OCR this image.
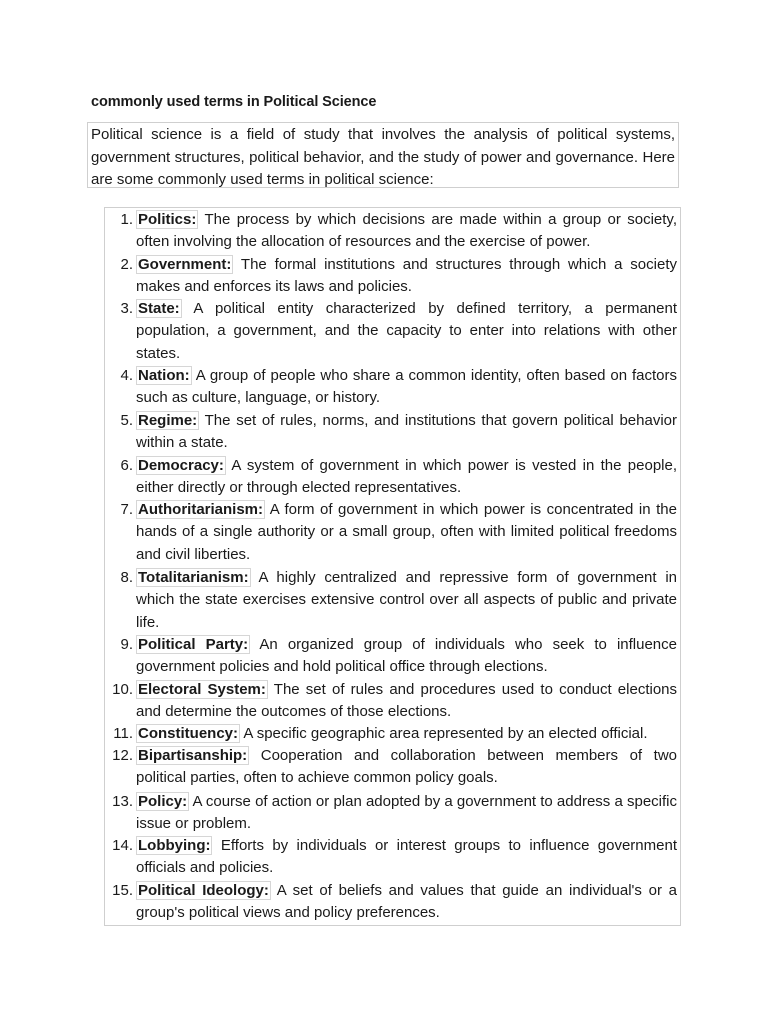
commonly used terms in Political Science
Political science is a field of study that involves the analysis of political systems, government structures, political behavior, and the study of power and governance. Here are some commonly used terms in political science:
1. Politics: The process by which decisions are made within a group or society, often involving the allocation of resources and the exercise of power.
2. Government: The formal institutions and structures through which a society makes and enforces its laws and policies.
3. State: A political entity characterized by defined territory, a permanent population, a government, and the capacity to enter into relations with other states.
4. Nation: A group of people who share a common identity, often based on factors such as culture, language, or history.
5. Regime: The set of rules, norms, and institutions that govern political behavior within a state.
6. Democracy: A system of government in which power is vested in the people, either directly or through elected representatives.
7. Authoritarianism: A form of government in which power is concentrated in the hands of a single authority or a small group, often with limited political freedoms and civil liberties.
8. Totalitarianism: A highly centralized and repressive form of government in which the state exercises extensive control over all aspects of public and private life.
9. Political Party: An organized group of individuals who seek to influence government policies and hold political office through elections.
10. Electoral System: The set of rules and procedures used to conduct elections and determine the outcomes of those elections.
11. Constituency: A specific geographic area represented by an elected official.
12. Bipartisanship: Cooperation and collaboration between members of two political parties, often to achieve common policy goals.
13. Policy: A course of action or plan adopted by a government to address a specific issue or problem.
14. Lobbying: Efforts by individuals or interest groups to influence government officials and policies.
15. Political Ideology: A set of beliefs and values that guide an individual's or a group's political views and policy preferences.
